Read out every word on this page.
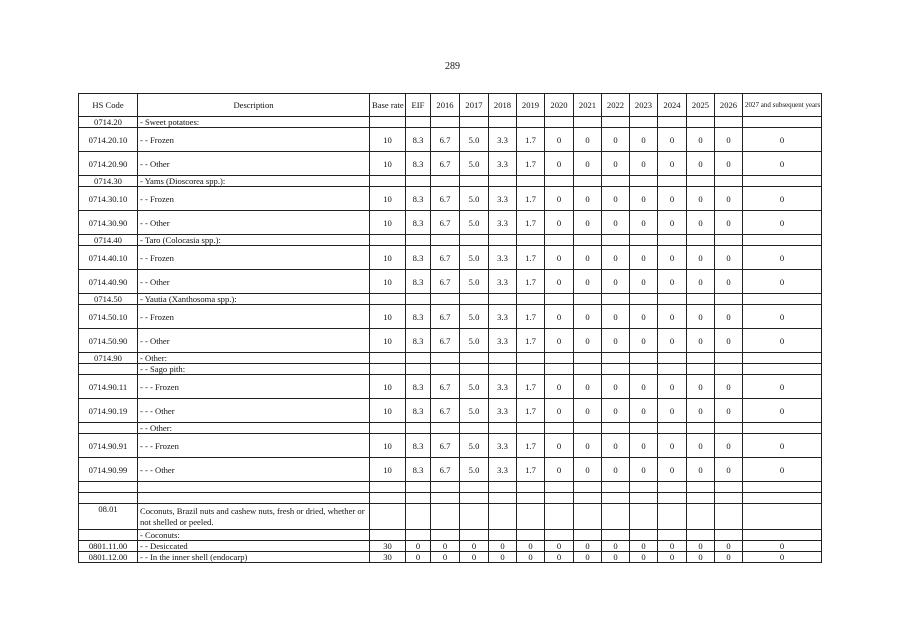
289
HS Code	Description	Base rate	EIF	2016	2017	2018	2019	2020	2021	2022	2023	2024	2025	2026	2027 and subsequent years
0714.20	- Sweet potatoes:														
0714.20.10	- - Frozen	10	8.3	6.7	5.0	3.3	1.7	0	0	0	0	0	0	0	0
0714.20.90	- - Other	10	8.3	6.7	5.0	3.3	1.7	0	0	0	0	0	0	0	0
0714.30	- Yams (Dioscorea spp.):														
0714.30.10	- - Frozen	10	8.3	6.7	5.0	3.3	1.7	0	0	0	0	0	0	0	0
0714.30.90	- - Other	10	8.3	6.7	5.0	3.3	1.7	0	0	0	0	0	0	0	0
0714.40	- Taro (Colocasia spp.):														
0714.40.10	- - Frozen	10	8.3	6.7	5.0	3.3	1.7	0	0	0	0	0	0	0	0
0714.40.90	- - Other	10	8.3	6.7	5.0	3.3	1.7	0	0	0	0	0	0	0	0
0714.50	- Yautia (Xanthosoma spp.):														
0714.50.10	- - Frozen	10	8.3	6.7	5.0	3.3	1.7	0	0	0	0	0	0	0	0
0714.50.90	- - Other	10	8.3	6.7	5.0	3.3	1.7	0	0	0	0	0	0	0	0
0714.90	- Other:														
	- - Sago pith:														
0714.90.11	- - - Frozen	10	8.3	6.7	5.0	3.3	1.7	0	0	0	0	0	0	0	0
0714.90.19	- - - Other	10	8.3	6.7	5.0	3.3	1.7	0	0	0	0	0	0	0	0
	- - Other:														
0714.90.91	- - - Frozen	10	8.3	6.7	5.0	3.3	1.7	0	0	0	0	0	0	0	0
0714.90.99	- - - Other	10	8.3	6.7	5.0	3.3	1.7	0	0	0	0	0	0	0	0

08.01	Coconuts, Brazil nuts and cashew nuts, fresh or dried, whether or not shelled or peeled.														
	- Coconuts:														
0801.11.00	- - Desiccated	30	0	0	0	0	0	0	0	0	0	0	0	0	0
0801.12.00	- - In the inner shell (endocarp)	30	0	0	0	0	0	0	0	0	0	0	0	0	0
